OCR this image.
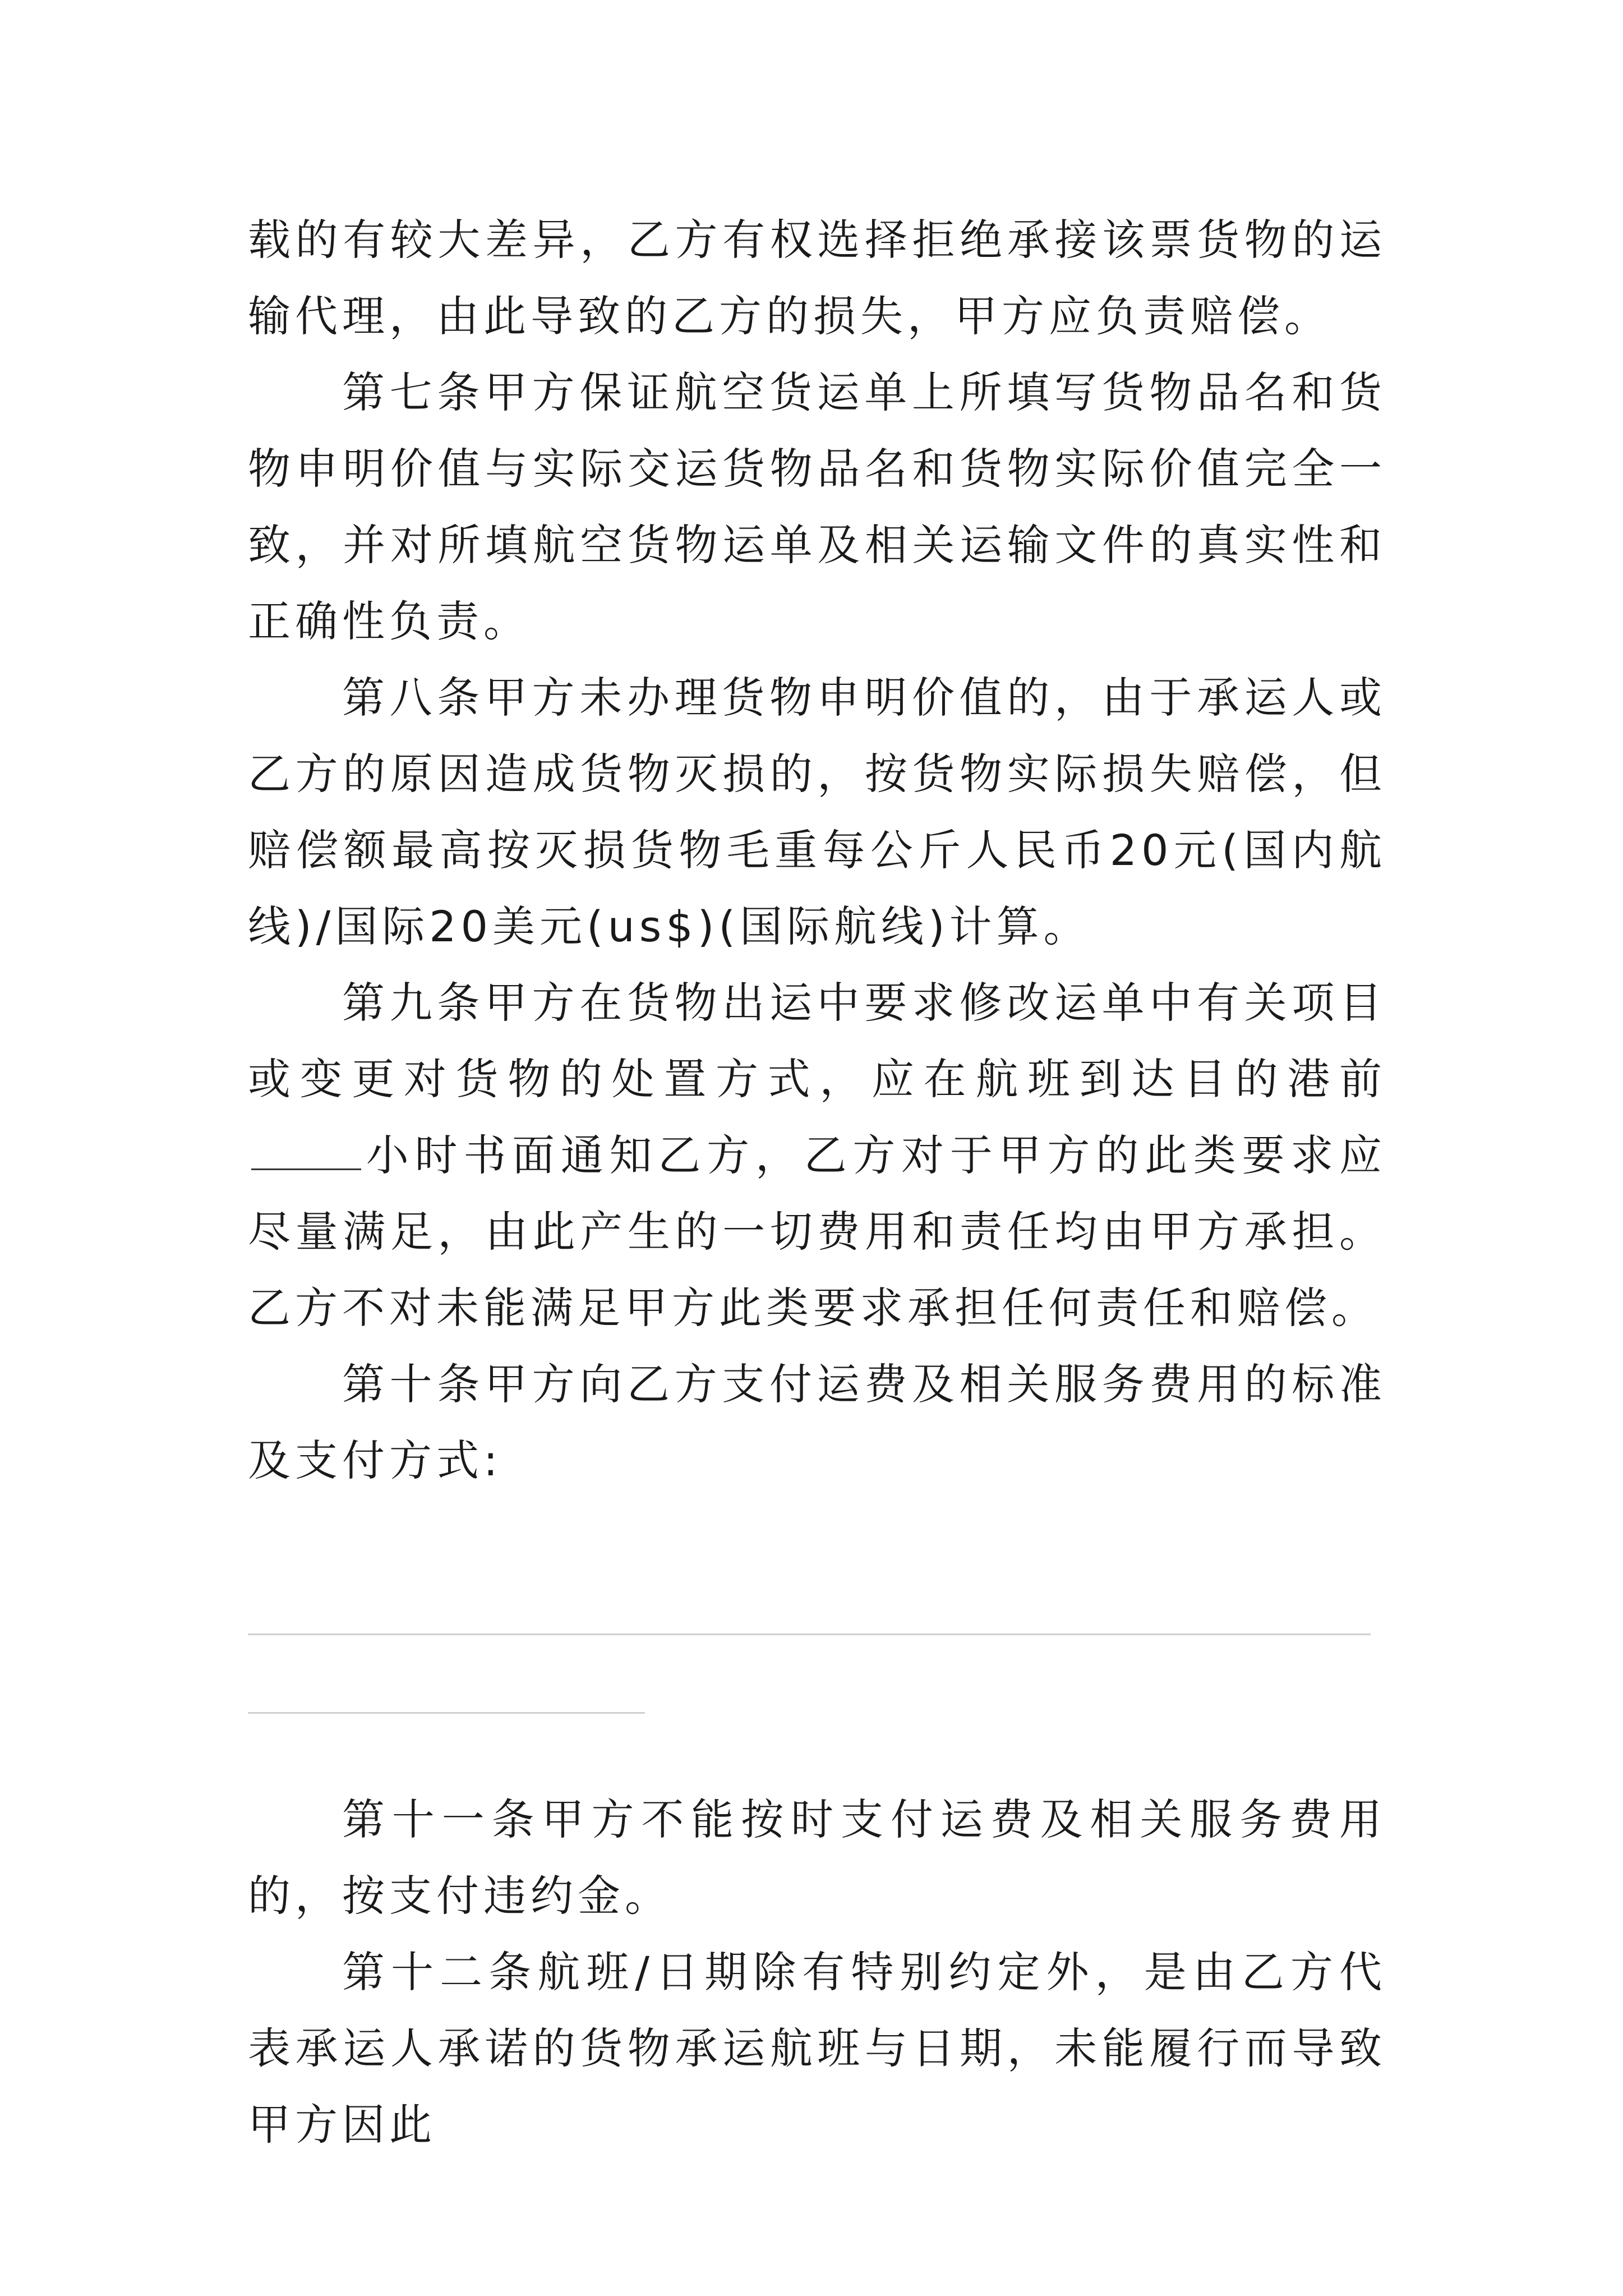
载的有较大差异，乙方有权选择拒绝承接该票货物的运输代理，由此导致的乙方的损失，甲方应负责赔偿。

第七条甲方保证航空货运单上所填写货物品名和货物申明价值与实际交运货物品名和货物实际价值完全一致，并对所填航空货物运单及相关运输文件的真实性和正确性负责。

第八条甲方未办理货物申明价值的，由于承运人或乙方的原因造成货物灭损的，按货物实际损失赔偿，但赔偿额最高按灭损货物毛重每公斤人民币20元(国内航线)/国际20美元(us$)(国际航线)计算。

第九条甲方在货物出运中要求修改运单中有关项目或变更对货物的处置方式，应在航班到达目的港前小时书面通知乙方，乙方对于甲方的此类要求应尽量满足，由此产生的一切费用和责任均由甲方承担。乙方不对未能满足甲方此类要求承担任何责任和赔偿。

第十条甲方向乙方支付运费及相关服务费用的标准及支付方式:

第十一条甲方不能按时支付运费及相关服务费用的，按支付违约金。

第十二条航班/日期除有特别约定外，是由乙方代表承运人承诺的货物承运航班与日期，未能履行而导致甲方因此
